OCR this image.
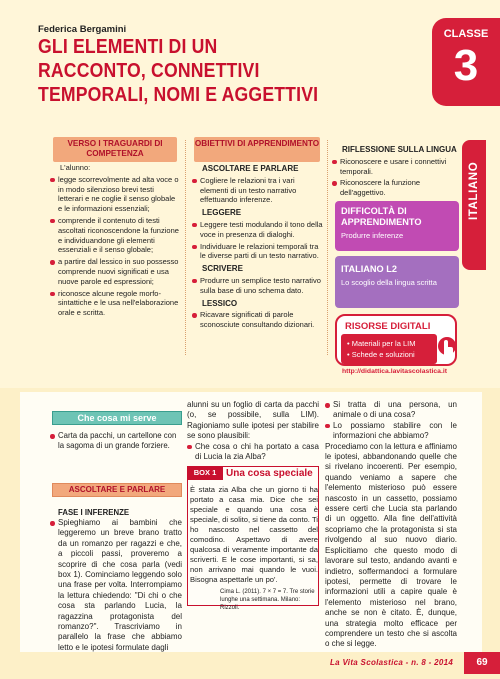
Federica Bergamini
GLI ELEMENTI DI UN RACCONTO, CONNETTIVI TEMPORALI, NOMI E AGGETTIVI
CLASSE
3
ITALIANO
VERSO I TRAGUARDI DI COMPETENZA
L'alunno:
legge scorrevolmente ad alta voce o in modo silenzioso brevi testi letterari e ne coglie il senso globale e le informazioni essenziali;
comprende il contenuto di testi ascoltati riconoscendone la funzione e individuandone gli elementi essenziali e il senso globale;
a partire dal lessico in suo possesso comprende nuovi significati e usa nuove parole ed espressioni;
riconosce alcune regole morfo-sintattiche e le usa nell'elaborazione orale e scritta.
OBIETTIVI DI APPRENDIMENTO
ASCOLTARE E PARLARE
Cogliere le relazioni tra i vari elementi di un testo narrativo effettuando inferenze.
LEGGERE
Leggere testi modulando il tono della voce in presenza di dialoghi.
Individuare le relazioni temporali tra le diverse parti di un testo narrativo.
SCRIVERE
Produrre un semplice testo narrativo sulla base di uno schema dato.
LESSICO
Ricavare significati di parole sconosciute consultando dizionari.
RIFLESSIONE SULLA LINGUA
Riconoscere e usare i connettivi temporali.
Riconoscere la funzione dell'aggettivo.
DIFFICOLTÀ DI APPRENDIMENTO
Produrre inferenze
ITALIANO L2
Lo scoglio della lingua scritta
RISORSE DIGITALI
• Materiali per la LIM
• Schede e soluzioni
http://didattica.lavitascolastica.it
Che cosa mi serve
Carta da pacchi, un cartellone con la sagoma di un grande forziere.
ASCOLTARE E PARLARE
FASE I INFERENZE
Spieghiamo ai bambini che leggeremo un breve brano tratto da un romanzo per ragazzi e che, a piccoli passi, proveremo a scoprire di che cosa parla (vedi box 1). Cominciamo leggendo solo una frase per volta. Interrompiamo la lettura chiedendo: "Di chi o che cosa sta parlando Lucia, la ragazzina protagonista del romanzo?". Trascriviamo in parallelo la frase che abbiamo letto e le ipotesi formulate dagli
alunni su un foglio di carta da pacchi (o, se possibile, sulla LIM). Ragioniamo sulle ipotesi per stabilire se sono plausibili:
Che cosa o chi ha portato a casa di Lucia la zia Alba?
BOX 1 Una cosa speciale
È stata zia Alba che un giorno ti ha portato a casa mia. Dice che sei speciale e quando una cosa è speciale, di solito, si tiene da conto. Ti ho nascosto nel cassetto del comodino. Aspettavo di avere qualcosa di veramente importante da scriverti. E le cose importanti, si sa, non arrivano mai quando le vuoi. Bisogna aspettarle un po'.
Cima L. (2011). 7 × 7 = 7. Tre storie lunghe una settimana. Milano: Rizzoli.
Si tratta di una persona, un animale o di una cosa?
Lo possiamo stabilire con le informazioni che abbiamo?
Procediamo con la lettura e affiniamo le ipotesi, abbandonando quelle che si rivelano incoerenti. Per esempio, quando veniamo a sapere che l'elemento misterioso può essere nascosto in un cassetto, possiamo essere certi che Lucia sta parlando di un oggetto. Alla fine dell'attività scopriamo che la protagonista si sta rivolgendo al suo nuovo diario. Esplicitiamo che questo modo di lavorare sul testo, andando avanti e indietro, soffermandoci a formulare ipotesi, permette di trovare le informazioni utili a capire quale è l'elemento misterioso nel brano, anche se non è citato. È, dunque, una strategia molto efficace per comprendere un testo che si ascolta o che si legge.
La Vita Scolastica - n. 8 - 2014	69
